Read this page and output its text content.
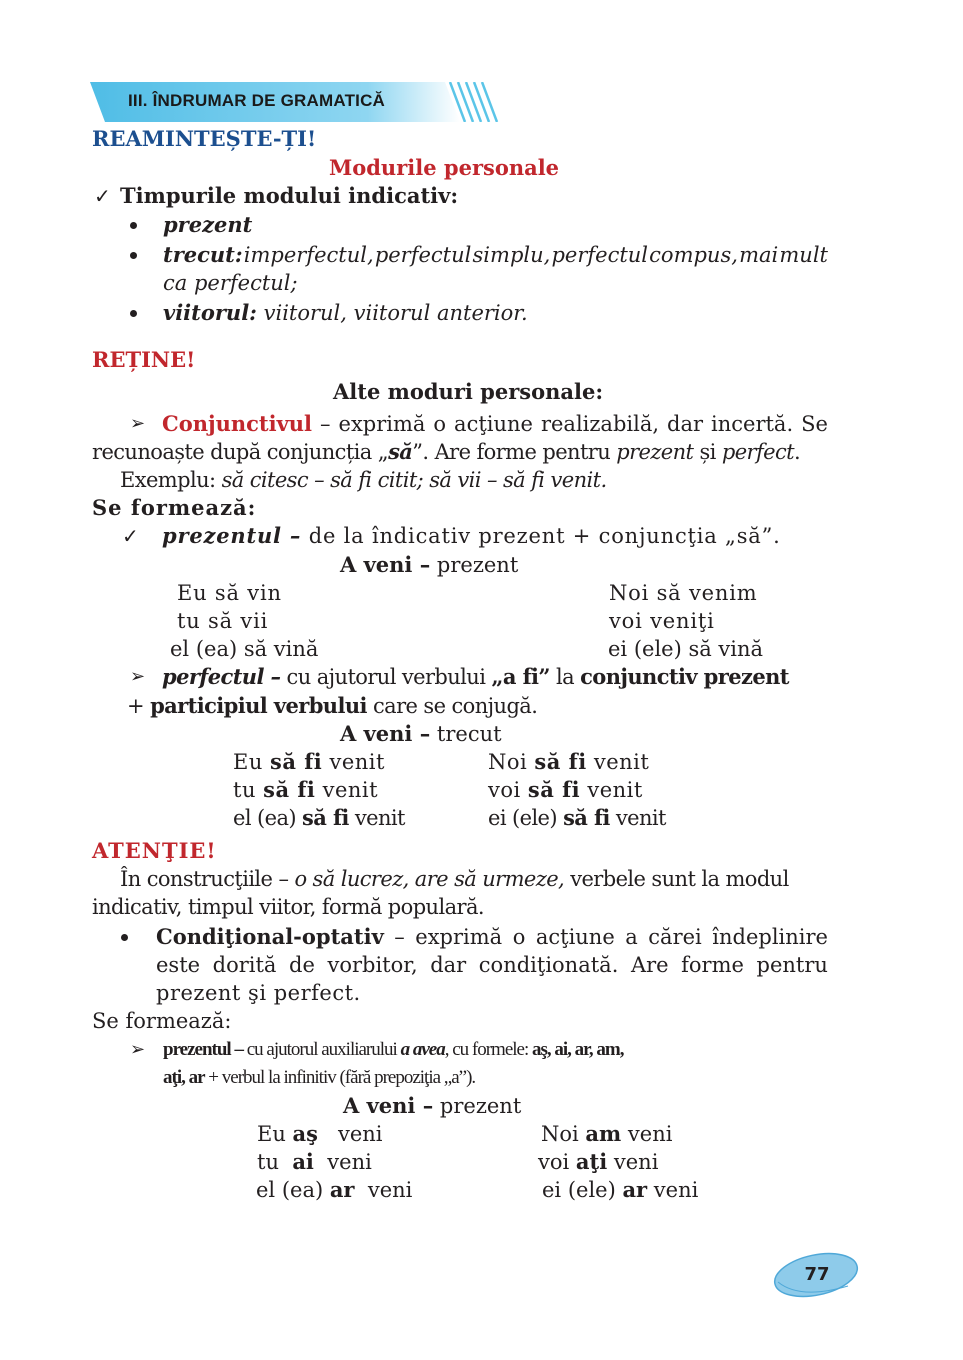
III. ÎNDRUMAR DE GRAMATICĂ
REAMINTEȘTE-ȚI!
Modurile personale
✓ Timpurile modului indicativ:
prezent
trecut: imperfectul, perfectul simplu, perfectul compus, mai mult
ca perfectul;
viitorul: viitorul, viitorul anterior.
REȚINE!
Alte moduri personale:
➢ Conjunctivul – exprimă o acţiune realizabilă, dar incertă. Se
recunoaște după conjuncția „să”. Are forme pentru prezent și perfect.
Exemplu: să citesc – să fi citit; să vii – să fi venit.
Se formează:
✓ prezentul – de la îndicativ prezent + conjuncţia „să”.
A veni – prezent
Eu să vin
tu să vii
el (ea) să vină
Noi să venim
voi veniţi
ei (ele) să vină
➢ perfectul – cu ajutorul verbului „a fi” la conjunctiv prezent
+ participiul verbului care se conjugă.
A veni – trecut
Eu să fi venit
tu să fi venit
el (ea) să fi venit
Noi să fi venit
voi să fi venit
ei (ele) să fi venit
ATENŢIE!
În construcţiile – o să lucrez, are să urmeze, verbele sunt la modul
indicativ, timpul viitor, formă populară.
Condiţional-optativ – exprimă o acţiune a cărei îndeplinire
este dorită de vorbitor, dar condiţionată. Are forme pentru
prezent şi perfect.
Se formează:
➢ prezentul – cu ajutorul auxiliarului a avea, cu formele: aş, ai, ar, am,
aţi, ar + verbul la infinitiv (fără prepoziţia „a”).
A veni – prezent
Eu aş   veni
tu  ai  veni
el (ea) ar  veni
Noi am veni
voi aţi veni
ei (ele) ar veni
77
